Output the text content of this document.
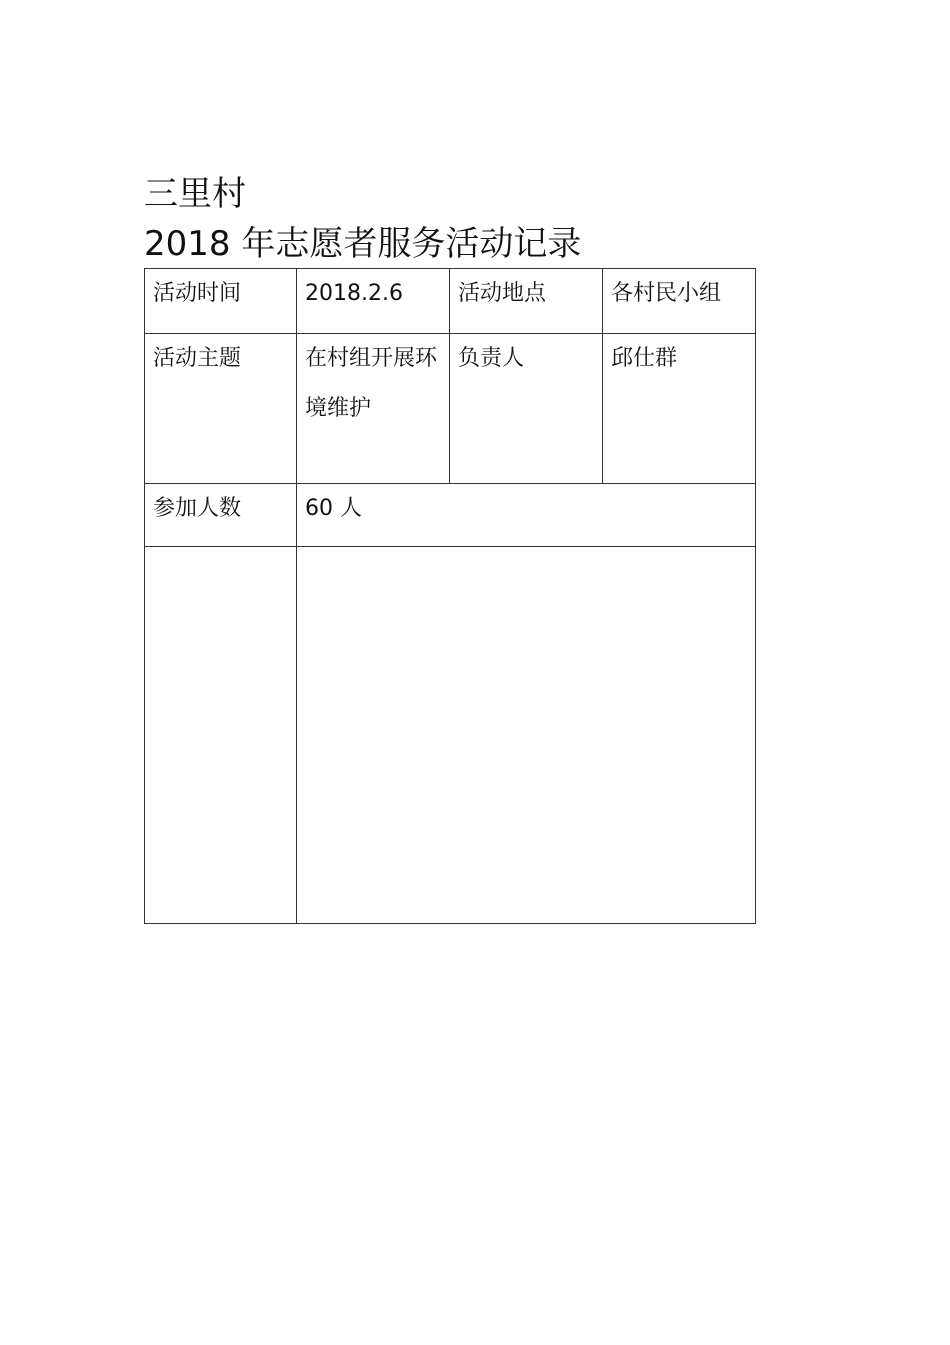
三里村
2018 年志愿者服务活动记录
活动时间	2018.2.6	活动地点	各村民小组

活动主题	在村组开展环境维护	负责人	邱仕群

参加人数	60 人		
